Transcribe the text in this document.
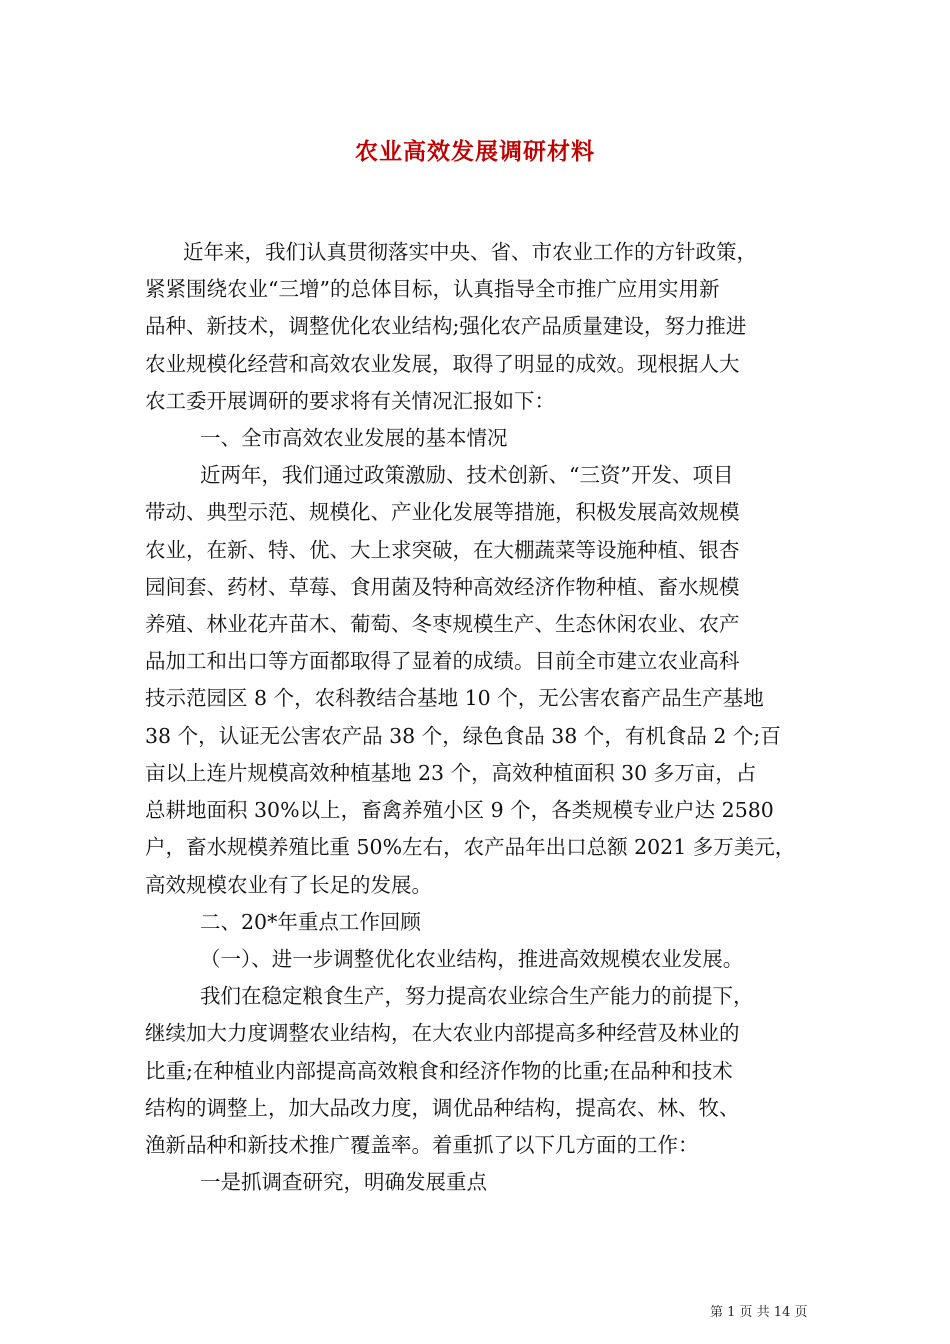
农业高效发展调研材料
近年来，我们认真贯彻落实中央、省、市农业工作的方针政策，
紧紧围绕农业“三增”的总体目标，认真指导全市推广应用实用新
品种、新技术，调整优化农业结构;强化农产品质量建设，努力推进
农业规模化经营和高效农业发展，取得了明显的成效。现根据人大
农工委开展调研的要求将有关情况汇报如下：
一、全市高效农业发展的基本情况
近两年，我们通过政策激励、技术创新、“三资”开发、项目
带动、典型示范、规模化、产业化发展等措施，积极发展高效规模
农业，在新、特、优、大上求突破，在大棚蔬菜等设施种植、银杏
园间套、药材、草莓、食用菌及特种高效经济作物种植、畜水规模
养殖、林业花卉苗木、葡萄、冬枣规模生产、生态休闲农业、农产
品加工和出口等方面都取得了显着的成绩。目前全市建立农业高科
技示范园区 8 个，农科教结合基地 10 个，无公害农畜产品生产基地
38 个，认证无公害农产品 38 个，绿色食品 38 个，有机食品 2 个;百
亩以上连片规模高效种植基地 23 个，高效种植面积 30 多万亩，占
总耕地面积 30%以上，畜禽养殖小区 9 个，各类规模专业户达 2580
户，畜水规模养殖比重 50%左右，农产品年出口总额 2021 多万美元，
高效规模农业有了长足的发展。
二、20*年重点工作回顾
（一）、进一步调整优化农业结构，推进高效规模农业发展。
我们在稳定粮食生产，努力提高农业综合生产能力的前提下，
继续加大力度调整农业结构，在大农业内部提高多种经营及林业的
比重;在种植业内部提高高效粮食和经济作物的比重;在品种和技术
结构的调整上，加大品改力度，调优品种结构，提高农、林、牧、
渔新品种和新技术推广覆盖率。着重抓了以下几方面的工作：
一是抓调查研究，明确发展重点
第 1 页 共 14 页
